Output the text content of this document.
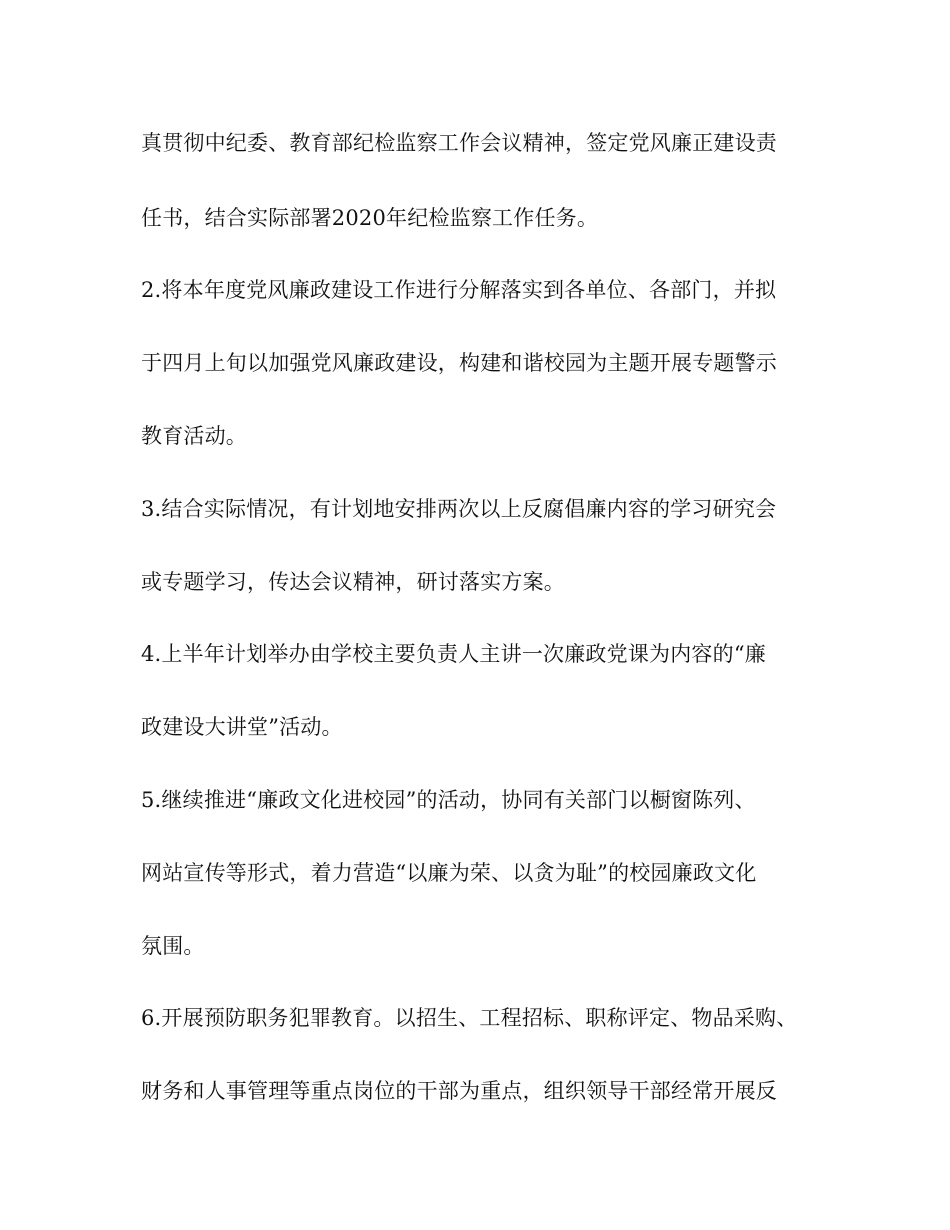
真贯彻中纪委、教育部纪检监察工作会议精神，签定党风廉正建设责
任书，结合实际部署2020年纪检监察工作任务。
2.将本年度党风廉政建设工作进行分解落实到各单位、各部门，并拟
于四月上旬以加强党风廉政建设，构建和谐校园为主题开展专题警示
教育活动。
3.结合实际情况，有计划地安排两次以上反腐倡廉内容的学习研究会
或专题学习，传达会议精神，研讨落实方案。
4.上半年计划举办由学校主要负责人主讲一次廉政党课为内容的“廉
政建设大讲堂”活动。
5.继续推进“廉政文化进校园”的活动，协同有关部门以橱窗陈列、
网站宣传等形式，着力营造“以廉为荣、以贪为耻”的校园廉政文化
氛围。
6.开展预防职务犯罪教育。以招生、工程招标、职称评定、物品采购、
财务和人事管理等重点岗位的干部为重点，组织领导干部经常开展反
